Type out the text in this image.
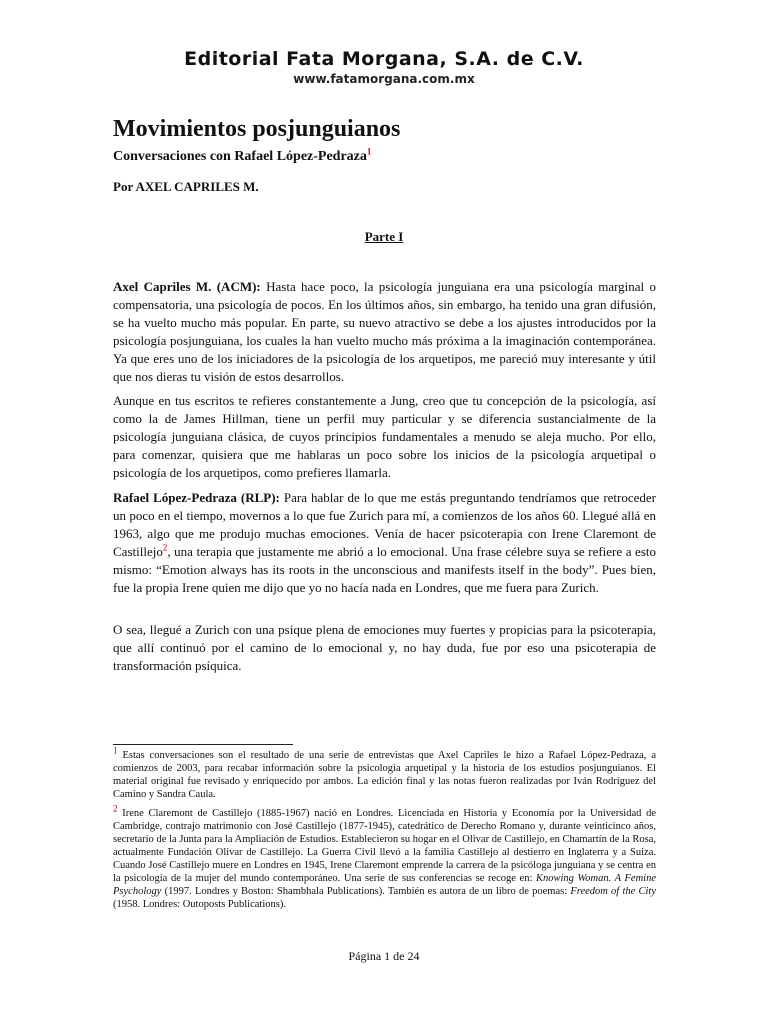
Editorial Fata Morgana, S.A. de C.V.
www.fatamorgana.com.mx
Movimientos posjunguianos
Conversaciones con Rafael López-Pedraza$^1$
Por AXEL CAPRILES M.
Parte I
Axel Capriles M. (ACM): Hasta hace poco, la psicología junguiana era una psicología marginal o compensatoria, una psicología de pocos. En los últimos años, sin embargo, ha tenido una gran difusión, se ha vuelto mucho más popular. En parte, su nuevo atractivo se debe a los ajustes introducidos por la psicología posjunguiana, los cuales la han vuelto mucho más próxima a la imaginación contemporánea. Ya que eres uno de los iniciadores de la psicología de los arquetipos, me pareció muy interesante y útil que nos dieras tu visión de estos desarrollos.
Aunque en tus escritos te refieres constantemente a Jung, creo que tu concepción de la psicología, así como la de James Hillman, tiene un perfil muy particular y se diferencia sustancialmente de la psicología junguiana clásica, de cuyos principios fundamentales a menudo se aleja mucho. Por ello, para comenzar, quisiera que me hablaras un poco sobre los inicios de la psicología arquetipal o psicología de los arquetipos, como prefieres llamarla.
Rafael López-Pedraza (RLP): Para hablar de lo que me estás preguntando tendríamos que retroceder un poco en el tiempo, movernos a lo que fue Zurich para mí, a comienzos de los años 60. Llegué allá en 1963, algo que me produjo muchas emociones. Venía de hacer psicoterapia con Irene Claremont de Castillejo$^2$, una terapia que justamente me abrió a lo emocional. Una frase célebre suya se refiere a esto mismo: “Emotion always has its roots in the unconscious and manifests itself in the body”. Pues bien, fue la propia Irene quien me dijo que yo no hacía nada en Londres, que me fuera para Zurich.
O sea, llegué a Zurich con una psique plena de emociones muy fuertes y propicias para la psicoterapia, que allí continuó por el camino de lo emocional y, no hay duda, fue por eso una psicoterapia de transformación psíquica.
$^1$ Estas conversaciones son el resultado de una serie de entrevistas que Axel Capriles le hizo a Rafael López-Pedraza, a comienzos de 2003, para recabar información sobre la psicología arquetipal y la historia de los estudios posjunguianos. El material original fue revisado y enriquecido por ambos. La edición final y las notas fueron realizadas por Iván Rodríguez del Camino y Sandra Caula.
$^2$ Irene Claremont de Castillejo (1885-1967) nació en Londres. Licenciada en Historia y Economía por la Universidad de Cambridge, contrajo matrimonio con José Castillejo (1877-1945), catedrático de Derecho Romano y, durante veinticinco años, secretario de la Junta para la Ampliación de Estudios. Establecieron su hogar en el Olivar de Castillejo, en Chamartín de la Rosa, actualmente Fundación Olivar de Castillejo. La Guerra Civil llevó a la familia Castillejo al destierro en Inglaterra y a Suiza. Cuando José Castillejo muere en Londres en 1945, Irene Claremont emprende la carrera de la psicóloga junguiana y se centra en la psicología de la mujer del mundo contemporáneo. Una serie de sus conferencias se recoge en: Knowing Woman. A Femine Psychology (1997. Londres y Boston: Shambhala Publications). También es autora de un libro de poemas: Freedom of the City (1958. Londres: Outoposts Publications).
Página 1 de 24
